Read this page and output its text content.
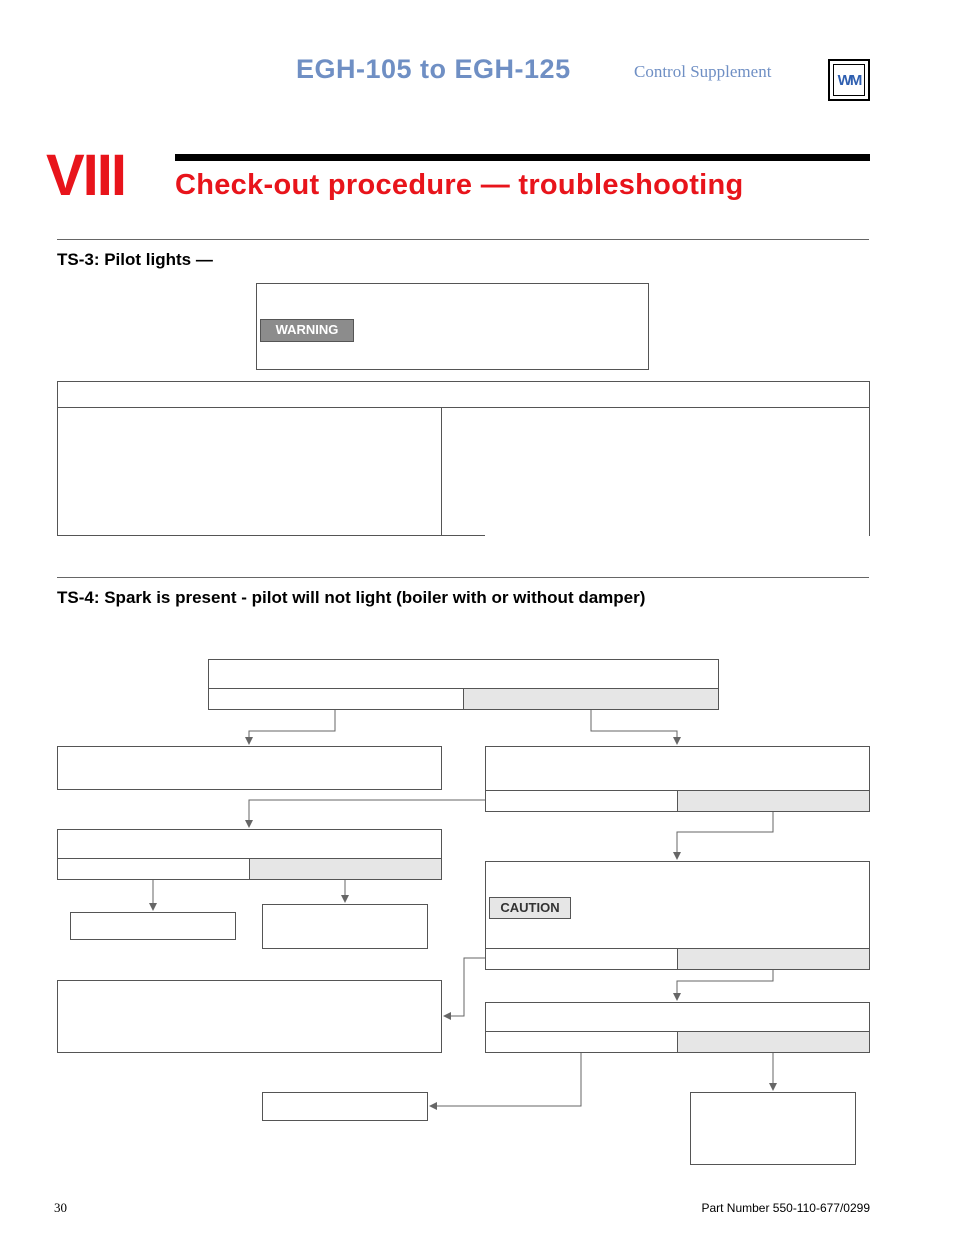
EGH-105 to EGH-125	Control Supplement	WM
VIII Check-out procedure — troubleshooting
TS-3: Pilot lights —
WARNING
TS-4: Spark is present - pilot will not light (boiler with or without damper)
CAUTION
30	Part Number 550-110-677/0299
